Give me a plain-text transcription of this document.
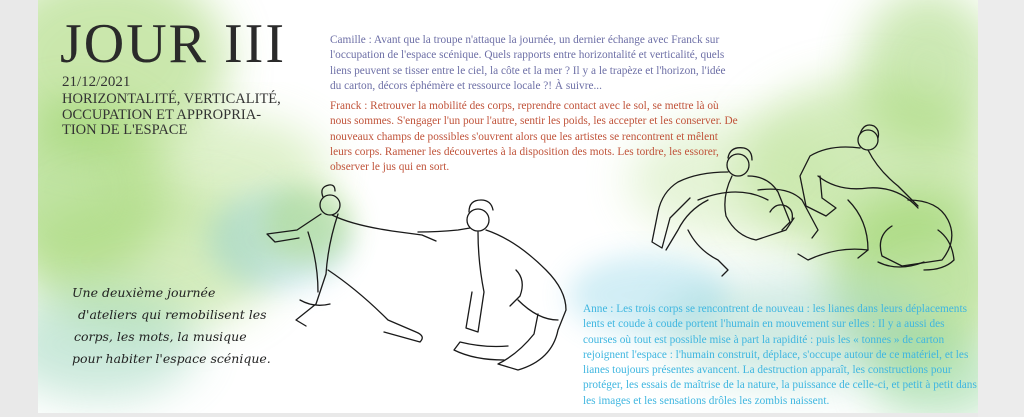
JOUR III
21/12/2021
HORIZONTALITÉ, VERTICALITÉ,
OCCUPATION ET APPROPRIA-
TION DE L'ESPACE
Camille : Avant que la troupe n'attaque la journée, un dernier échange avec Franck sur l'occupation de l'espace scénique. Quels rapports entre horizontalité et verticalité, quels liens peuvent se tisser entre le ciel, la côte et la mer ? Il y a le trapèze et l'horizon, l'idée du carton, décors éphémère et ressource locale ?! À suivre...
Franck : Retrouver la mobilité des corps, reprendre contact avec le sol, se mettre là où nous sommes. S'engager l'un pour l'autre, sentir les poids, les accepter et les conserver. De nouveaux champs de possibles s'ouvrent alors que les artistes se rencontrent et mêlent leurs corps. Ramener les découvertes à la disposition des mots. Les tordre, les essorer, observer le jus qui en sort.
Anne : Les trois corps se rencontrent de nouveau : les lianes dans leurs déplacements lents et coude à coude portent l'humain en mouvement sur elles : Il y a aussi des courses où tout est possible mise à part la rapidité : puis les « tonnes » de carton rejoignent l'espace : l'humain construit, déplace, s'occupe autour de ce matériel, et les lianes toujours présentes avancent. La destruction apparaît, les constructions pour protéger, les essais de maîtrise de la nature, la puissance de celle-ci, et petit à petit dans les images et les sensations drôles les zombis naissent.
Une deuxième journée
d'ateliers qui remobilisent les
corps, les mots, la musique
pour habiter l'espace scénique.
